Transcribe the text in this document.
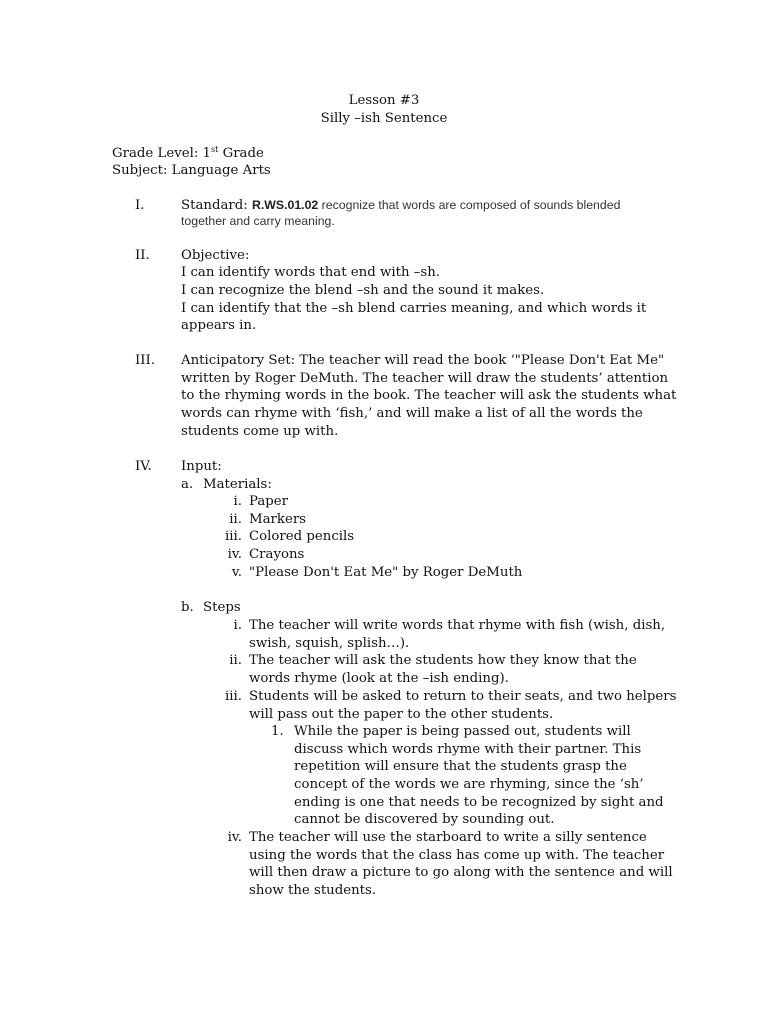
Lesson #3
Silly –ish Sentence
Grade Level: 1st Grade
Subject: Language Arts
I.	Standard: R.WS.01.02 recognize that words are composed of sounds blended
together and carry meaning.
II. Objective:
I can identify words that end with –sh.
I can recognize the blend –sh and the sound it makes.
I can identify that the –sh blend carries meaning, and which words it
appears in.
III. Anticipatory Set: The teacher will read the book ‘"Please Don't Eat Me"
written by Roger DeMuth. The teacher will draw the students’ attention
to the rhyming words in the book. The teacher will ask the students what
words can rhyme with ‘fish,’ and will make a list of all the words the
students come up with.
IV. Input:
a. Materials:
i. Paper
ii. Markers
iii. Colored pencils
iv. Crayons
v. "Please Don't Eat Me" by Roger DeMuth
b. Steps
i. The teacher will write words that rhyme with fish (wish, dish,
swish, squish, splish…).
ii. The teacher will ask the students how they know that the
words rhyme (look at the –ish ending).
iii. Students will be asked to return to their seats, and two helpers
will pass out the paper to the other students.
1. While the paper is being passed out, students will
discuss which words rhyme with their partner. This
repetition will ensure that the students grasp the
concept of the words we are rhyming, since the ‘sh’
ending is one that needs to be recognized by sight and
cannot be discovered by sounding out.
iv. The teacher will use the starboard to write a silly sentence
using the words that the class has come up with. The teacher
will then draw a picture to go along with the sentence and will
show the students.
